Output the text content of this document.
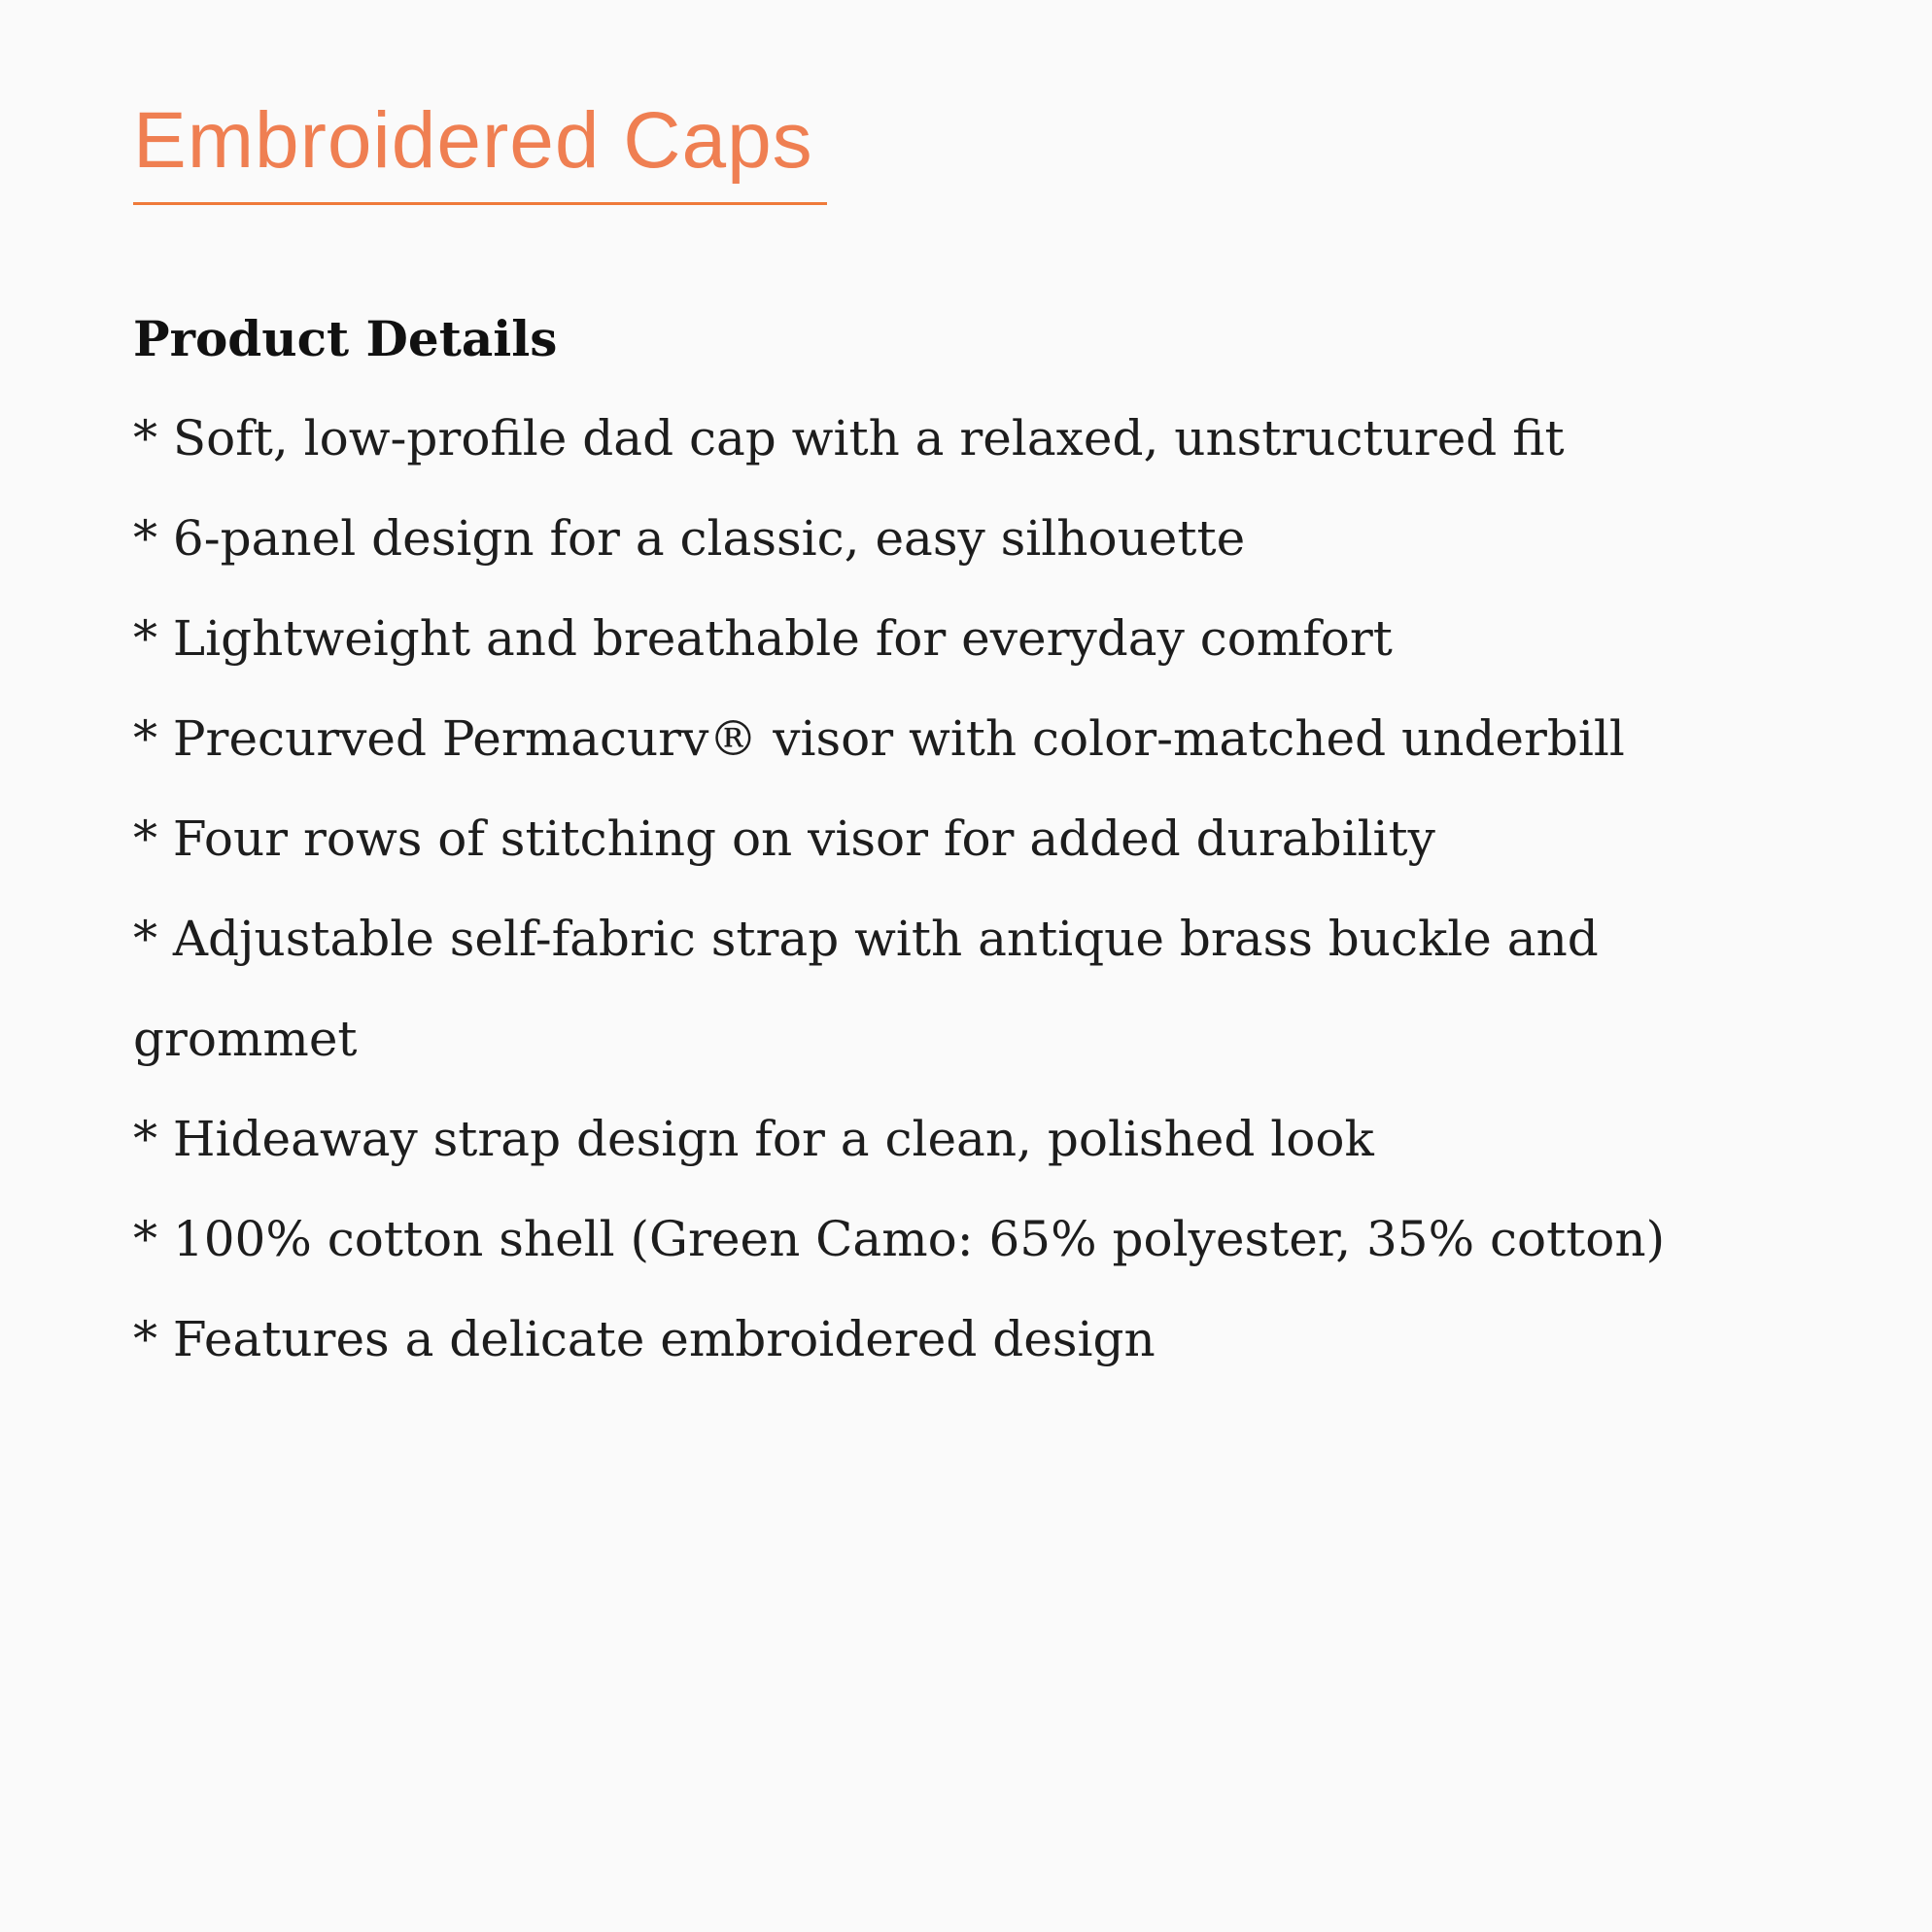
Embroidered Caps
Product Details
* Soft, low-profile dad cap with a relaxed, unstructured fit
* 6-panel design for a classic, easy silhouette
* Lightweight and breathable for everyday comfort
* Precurved Permacurv® visor with color-matched underbill
* Four rows of stitching on visor for added durability
* Adjustable self-fabric strap with antique brass buckle and grommet
* Hideaway strap design for a clean, polished look
* 100% cotton shell (Green Camo: 65% polyester, 35% cotton)
* Features a delicate embroidered design
